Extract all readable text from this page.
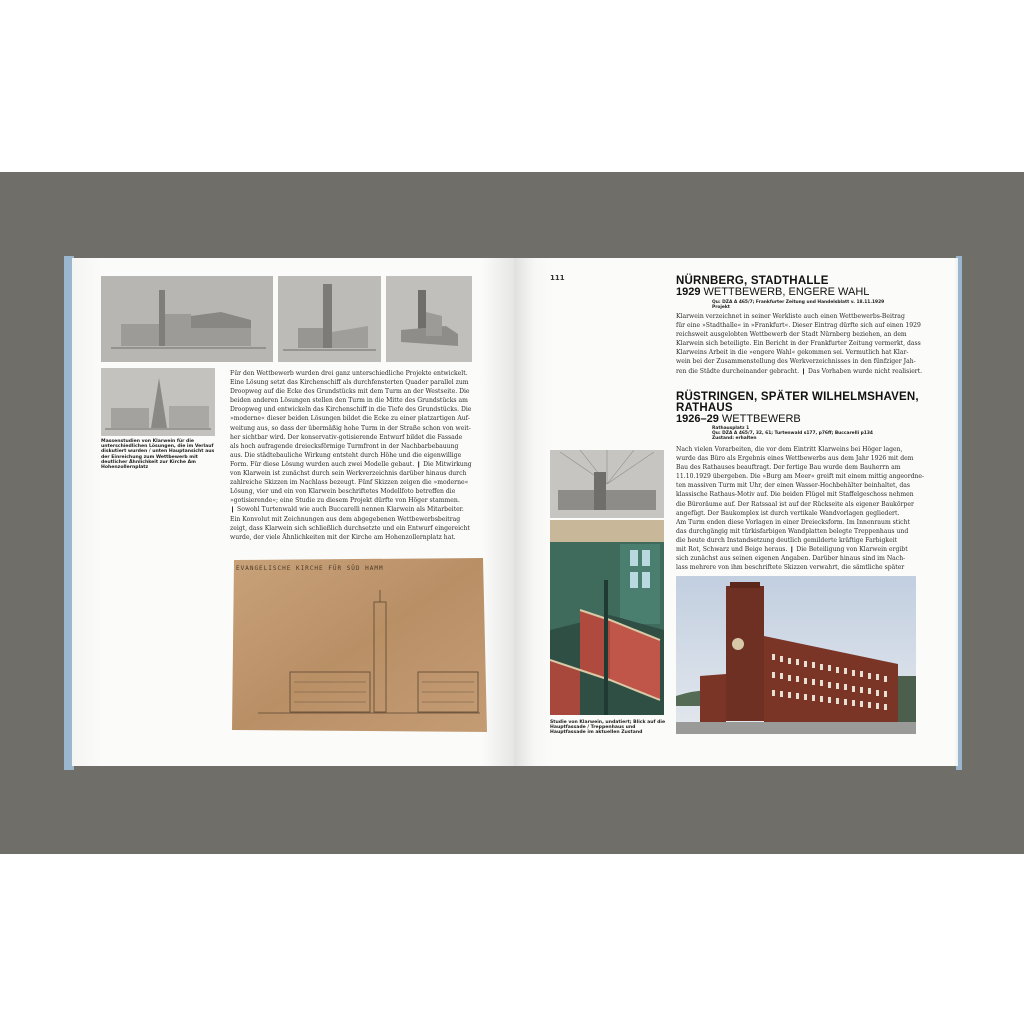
Massenstudien von Klarwein für die unterschiedlichen Lösungen, die im Verlauf diskutiert wurden / unten Hauptansicht aus der Einreichung zum Wettbewerb mit deutlicher Ähnlichkeit zur Kirche Am Hohenzollernplatz

Für den Wettbewerb wurden drei ganz unterschiedliche Projekte entwickelt.
Eine Lösung setzt das Kirchenschiff als durchfensterten Quader parallel zum
Droopweg auf die Ecke des Grundstücks mit dem Turm an der Westseite. Die
beiden anderen Lösungen stellen den Turm in die Mitte des Grundstücks am
Droopweg und entwickeln das Kirchenschiff in die Tiefe des Grundstücks. Die
»moderne« dieser beiden Lösungen bildet die Ecke zu einer platzartigen Auf-
weitung aus, so dass der übermäßig hohe Turm in der Straße schon von weit-
her sichtbar wird. Der konservativ-gotisierende Entwurf bildet die Fassade
als hoch aufragende dreiecksförmige Turmfront in der Nachbarbebauung
aus. Die städtebauliche Wirkung entsteht durch Höhe und die eigenwillige
Form. Für diese Lösung wurden auch zwei Modelle gebaut. ❙ Die Mitwirkung
von Klarwein ist zunächst durch sein Werkverzeichnis darüber hinaus durch
zahlreiche Skizzen im Nachlass bezeugt. Fünf Skizzen zeigen die »moderne«
Lösung, vier und ein von Klarwein beschriftetes Modellfoto betreffen die
»gotisierende«; eine Studie zu diesem Projekt dürfte von Höger stammen.
❙ Sowohl Turtenwald wie auch Buccarelli nennen Klarwein als Mitarbeiter.
Ein Konvolut mit Zeichnungen aus dem abgegebenen Wettbewerbsbeitrag
zeigt, dass Klarwein sich schließlich durchsetzte und ein Entwurf eingereicht
wurde, der viele Ähnlichkeiten mit der Kirche am Hohenzollernplatz hat.

EVANGELISCHE KIRCHE FÜR SÜD HAMM
111	NÜRNBERG, STADTHALLE
1929 WETTBEWERB, ENGERE WAHL
Qu: DZA A 465/7; Frankfurter Zeitung und Handelsblatt v. 18.11.1929
Projekt

Klarwein verzeichnet in seiner Werkliste auch einen Wettbewerbs-Beitrag
für eine »Stadthalle« in »Frankfurt«. Dieser Eintrag dürfte sich auf einen 1929
reichsweit ausgelobten Wettbewerb der Stadt Nürnberg beziehen, an dem
Klarwein sich beteiligte. Ein Bericht in der Frankfurter Zeitung vermerkt, dass
Klarweins Arbeit in die »engere Wahl« gekommen sei. Vermutlich hat Klar-
wein bei der Zusammenstellung des Werkverzeichnisses in den fünfziger Jah-
ren die Städte durcheinander gebracht. ❙ Das Vorhaben wurde nicht realisiert.

RÜSTRINGEN, SPÄTER WILHELMSHAVEN,
RATHAUS
1926–29 WETTBEWERB
Rathausplatz 1
Qu: DZA A 465/7, 32, 61; Turtenwald s177, p76ff; Buccarelli p134
Zustand: erhalten

Nach vielen Vorarbeiten, die vor dem Eintritt Klarweins bei Höger lagen,
wurde das Büro als Ergebnis eines Wettbewerbs aus dem Jahr 1926 mit dem
Bau des Rathauses beauftragt. Der fertige Bau wurde dem Bauherrn am
11.10.1929 übergeben. Die »Burg am Meer« greift mit einem mittig angeordne-
ten massiven Turm mit Uhr, der einen Wasser-Hochbehälter beinhaltet, das
klassische Rathaus-Motiv auf. Die beiden Flügel mit Staffelgeschoss nehmen
die Büroräume auf. Der Ratssaal ist auf der Rückseite als eigener Baukörper
angefügt. Der Baukomplex ist durch vertikale Wandvorlagen gegliedert.
Am Turm enden diese Vorlagen in einer Dreiecksform. Im Innenraum sticht
das durchgängig mit türkisfarbigen Wandplatten belegte Treppenhaus und
die heute durch Instandsetzung deutlich gemilderte kräftige Farbigkeit
mit Rot, Schwarz und Beige heraus. ❙ Die Beteiligung von Klarwein ergibt
sich zunächst aus seinen eigenen Angaben. Darüber hinaus sind im Nach-
lass mehrere von ihm beschriftete Skizzen verwahrt, die sämtliche später

Studie von Klarwein, undatiert; Blick auf die Hauptfassade / Treppenhaus und Hauptfassade im aktuellen Zustand
